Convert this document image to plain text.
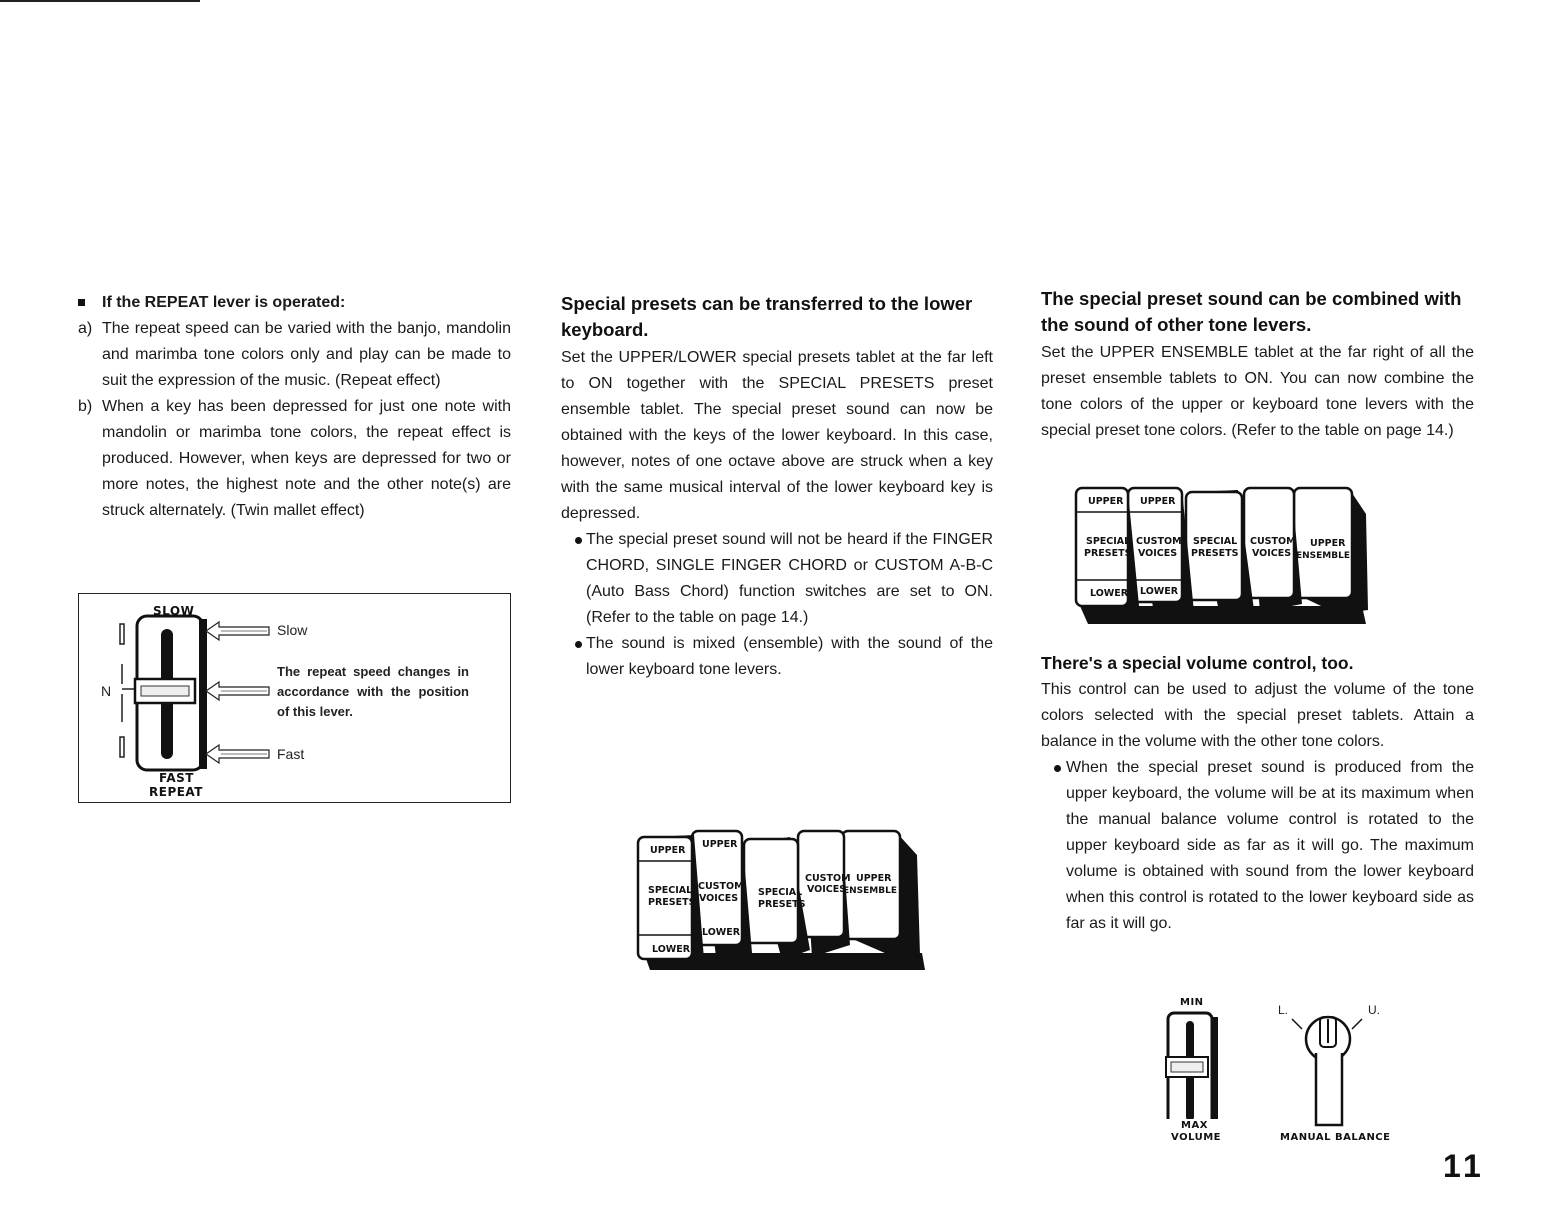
If the REPEAT lever is operated:
a) The repeat speed can be varied with the banjo, mandolin and marimba tone colors only and play can be made to suit the expression of the music. (Repeat effect)
b) When a key has been depressed for just one note with mandolin or marimba tone colors, the repeat effect is produced. However, when keys are depressed for two or more notes, the highest note and the other note(s) are struck alternately. (Twin mallet effect)
SLOW
Slow
N
The repeat speed changes in accordance with the position of this lever.
Fast
FAST
REPEAT
Special presets can be transferred to the lower keyboard.
Set the UPPER/LOWER special presets tablet at the far left to ON together with the SPECIAL PRESETS preset ensemble tablet. The special preset sound can now be obtained with the keys of the lower keyboard. In this case, however, notes of one octave above are struck when a key with the same musical interval of the lower keyboard key is depressed.
The special preset sound will not be heard if the FINGER CHORD, SINGLE FINGER CHORD or CUSTOM A-B-C (Auto Bass Chord) function switches are set to ON. (Refer to the table on page 14.)
The sound is mixed (ensemble) with the sound of the lower keyboard tone levers.
UPPER
SPECIAL
PRESETS
LOWER
UPPER
CUSTOM
VOICES
LOWER
SPECIAL
PRESETS
CUSTOM
VOICES
UPPER
ENSEMBLE
The special preset sound can be combined with the sound of other tone levers.
Set the UPPER ENSEMBLE tablet at the far right of all the preset ensemble tablets to ON. You can now combine the tone colors of the upper or keyboard tone levers with the special preset tone colors. (Refer to the table on page 14.)
UPPER
SPECIAL
PRESETS
LOWER
UPPER
CUSTOM
VOICES
LOWER
SPECIAL
PRESETS
CUSTOM
VOICES
UPPER
ENSEMBLE
There's a special volume control, too.
This control can be used to adjust the volume of the tone colors selected with the special preset tablets. Attain a balance in the volume with the other tone colors.
When the special preset sound is produced from the upper keyboard, the volume will be at its maximum when the manual balance volume control is rotated to the upper keyboard side as far as it will go. The maximum volume is obtained with sound from the lower keyboard when this control is rotated to the lower keyboard side as far as it will go.
MIN
MAX
VOLUME
L.	U.
MANUAL BALANCE
11
